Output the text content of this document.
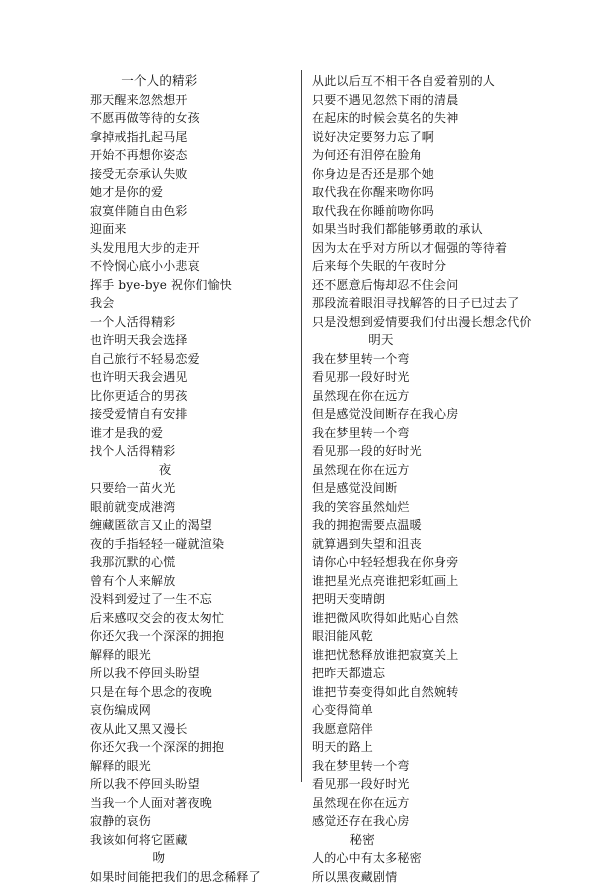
一个人的精彩
那天醒来忽然想开
不愿再做等待的女孩
拿掉戒指扎起马尾
开始不再想你姿态
接受无奈承认失败
她才是你的爱
寂寞伴随自由色彩
迎面来
头发甩甩大步的走开
不怜悯心底小小悲哀
挥手 bye-bye 祝你们愉快
我会
一个人活得精彩
也许明天我会选择
自己旅行不轻易恋爱
也许明天我会遇见
比你更适合的男孩
接受爱情自有安排
谁才是我的爱
找个人活得精彩
夜
只要给一苗火光
眼前就变成港湾
缠藏匿欲言又止的渴望
夜的手指轻轻一碰就渲染
我那沉默的心慌
曾有个人来解放
没料到爱过了一生不忘
后来感叹交会的夜太匆忙
你还欠我一个深深的拥抱
解释的眼光
所以我不停回头盼望
只是在每个思念的夜晚
哀伤编成网
夜从此又黑又漫长
你还欠我一个深深的拥抱
解释的眼光
所以我不停回头盼望
当我一个人面对著夜晚
寂静的哀伤
我该如何将它匿藏
吻
如果时间能把我们的思念稀释了
从此以后互不相干各自爱着别的人
只要不遇见忽然下雨的清晨
在起床的时候会莫名的失神
说好决定要努力忘了啊
为何还有泪停在脸角
你身边是否还是那个她
取代我在你醒来吻你吗
取代我在你睡前吻你吗
如果当时我们都能够勇敢的承认
因为太在乎对方所以才倔强的等待着
后来每个失眠的午夜时分
还不愿意后悔却忍不住会问
那段流着眼泪寻找解答的日子已过去了
只是没想到爱情要我们付出漫长想念代价
明天
我在梦里转一个弯
看见那一段好时光
虽然现在你在远方
但是感觉没间断存在我心房
我在梦里转一个弯
看见那一段的好时光
虽然现在你在远方
但是感觉没间断
我的笑容虽然灿烂
我的拥抱需要点温暖
就算遇到失望和沮丧
请你心中轻轻想我在你身旁
谁把星光点亮谁把彩虹画上
把明天变晴朗
谁把微风吹得如此贴心自然
眼泪能风乾
谁把忧愁释放谁把寂寞关上
把昨天都遗忘
谁把节奏变得如此自然婉转
心变得简单
我愿意陪伴
明天的路上
我在梦里转一个弯
看见那一段好时光
虽然现在你在远方
感觉还存在我心房
秘密
人的心中有太多秘密
所以黑夜藏剧情
